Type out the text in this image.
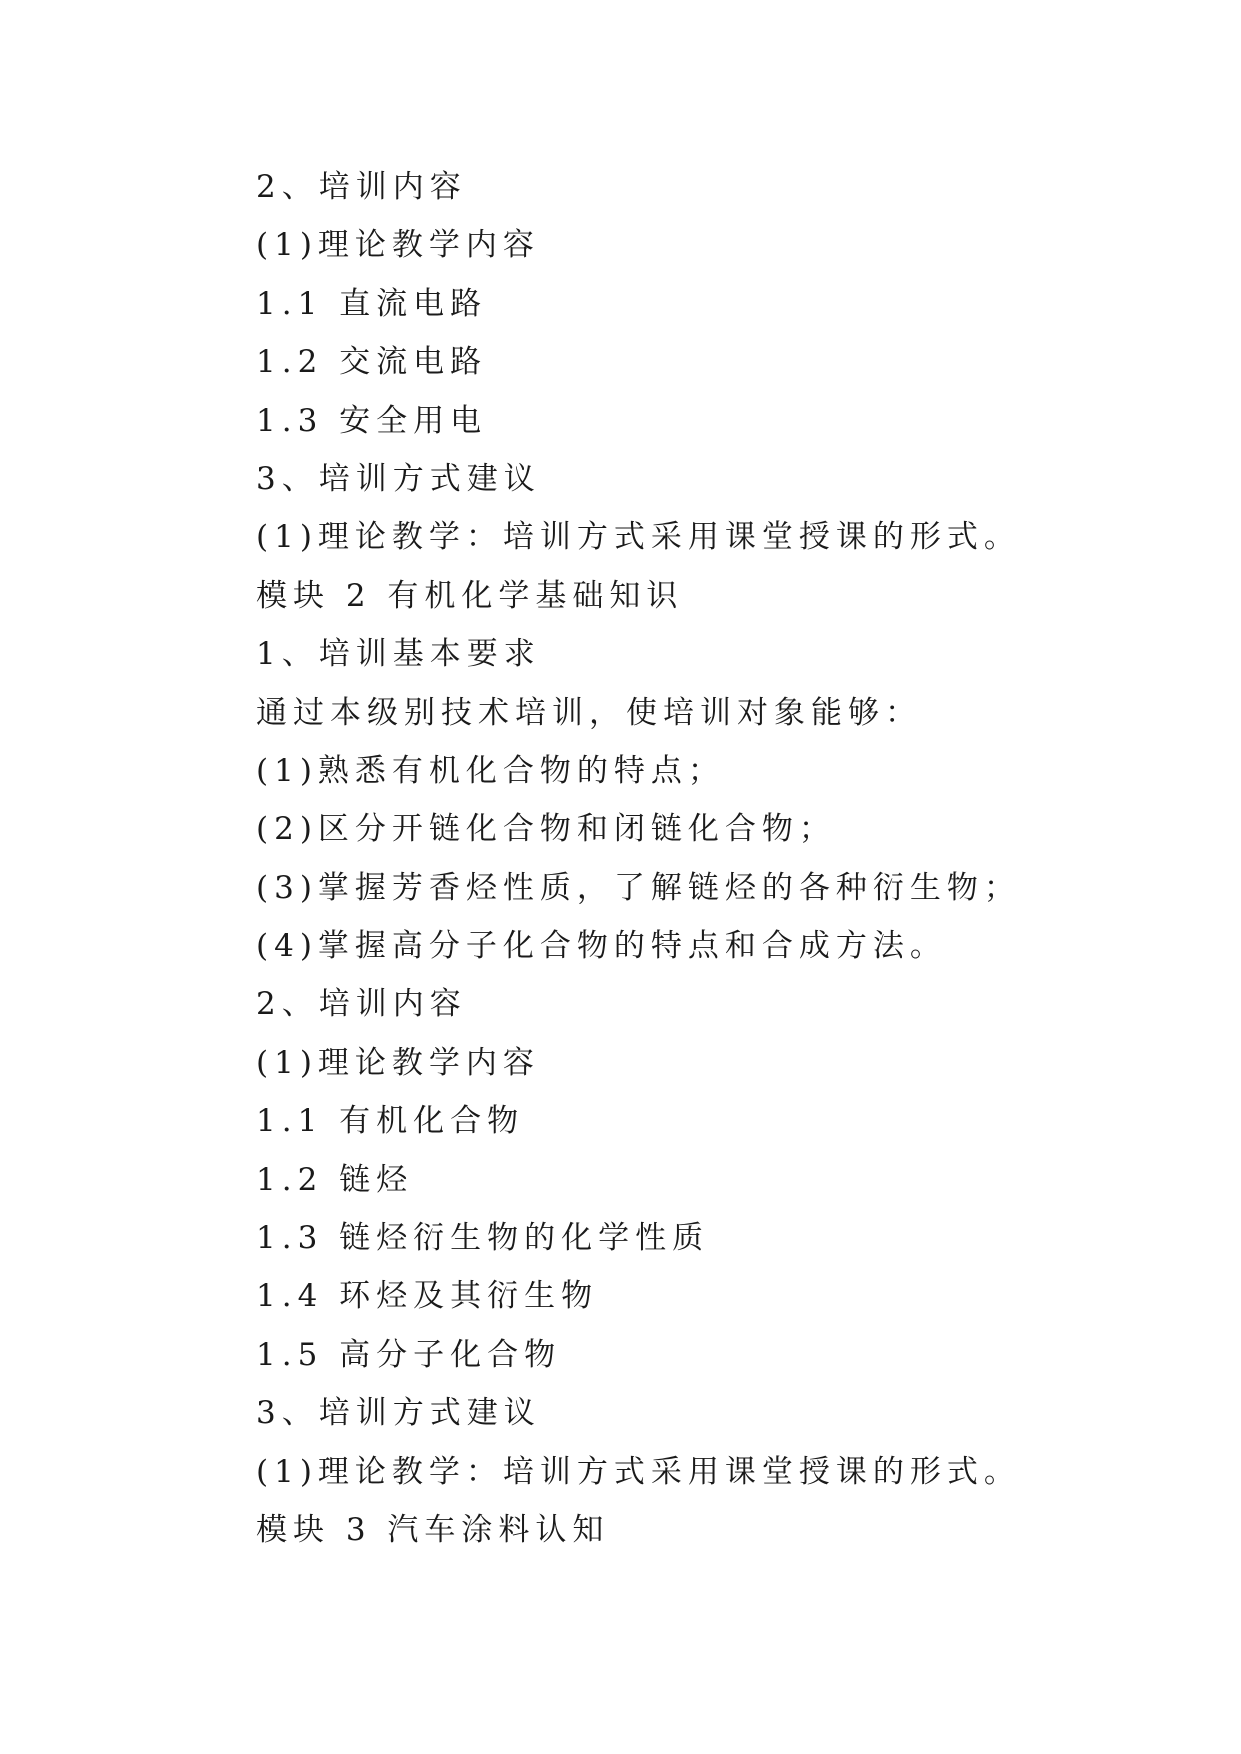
2、培训内容
(1)理论教学内容
1.1 直流电路
1.2 交流电路
1.3 安全用电
3、培训方式建议
(1)理论教学：培训方式采用课堂授课的形式。
模块 2 有机化学基础知识
1、培训基本要求
通过本级别技术培训，使培训对象能够：
(1)熟悉有机化合物的特点；
(2)区分开链化合物和闭链化合物；
(3)掌握芳香烃性质，了解链烃的各种衍生物；
(4)掌握高分子化合物的特点和合成方法。
2、培训内容
(1)理论教学内容
1.1 有机化合物
1.2 链烃
1.3 链烃衍生物的化学性质
1.4 环烃及其衍生物
1.5 高分子化合物
3、培训方式建议
(1)理论教学：培训方式采用课堂授课的形式。
模块 3 汽车涂料认知
